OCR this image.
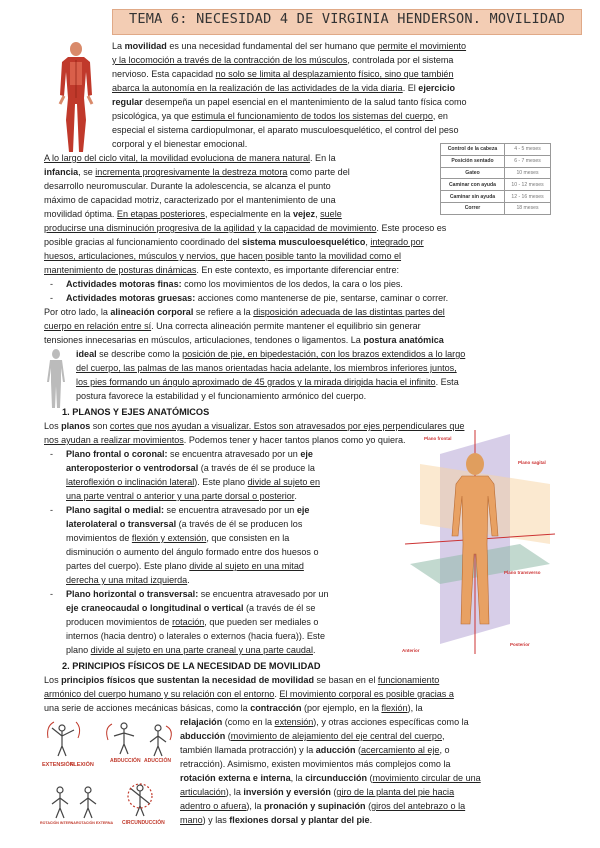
TEMA 6: NECESIDAD 4 DE VIRGINIA HENDERSON. MOVILIDAD
La movilidad es una necesidad fundamental del ser humano que permite el movimiento
y la locomoción a través de la contracción de los músculos, controlada por el sistema
nervioso. Esta capacidad no solo se limita al desplazamiento físico, sino que también
abarca la autonomía en la realización de las actividades de la vida diaria. El ejercicio
regular desempeña un papel esencial en el mantenimiento de la salud tanto física como
psicológica, ya que estimula el funcionamiento de todos los sistemas del cuerpo, en
especial el sistema cardiopulmonar, el aparato musculoesquelético, el control del peso
corporal y el bienestar emocional.
Control de la cabeza	4 - 5 meses
Posición sentado	6 - 7 meses
Gateo	10 meses
Caminar con ayuda	10 - 12 meses
Caminar sin ayuda	12 - 16 meses
Correr	18 meses
A lo largo del ciclo vital, la movilidad evoluciona de manera natural. En la
infancia, se incrementa progresivamente la destreza motora como parte del
desarrollo neuromuscular. Durante la adolescencia, se alcanza el punto
máximo de capacidad motriz, caracterizado por el mantenimiento de una
movilidad óptima. En etapas posteriores, especialmente en la vejez, suele
producirse una disminución progresiva de la agilidad y la capacidad de movimiento. Este proceso es
posible gracias al funcionamiento coordinado del sistema musculoesquelético, integrado por
huesos, articulaciones, músculos y nervios, que hacen posible tanto la movilidad como el
mantenimiento de posturas dinámicas. En este contexto, es importante diferenciar entre:
- Actividades motoras finas: como los movimientos de los dedos, la cara o los pies.
- Actividades motoras gruesas: acciones como mantenerse de pie, sentarse, caminar o correr.
Por otro lado, la alineación corporal se refiere a la disposición adecuada de las distintas partes del
cuerpo en relación entre sí. Una correcta alineación permite mantener el equilibrio sin generar
tensiones innecesarias en músculos, articulaciones, tendones o ligamentos. La postura anatómica
ideal se describe como la posición de pie, en bipedestación, con los brazos extendidos a lo largo
del cuerpo, las palmas de las manos orientadas hacia adelante, los miembros inferiores juntos,
los pies formando un ángulo aproximado de 45 grados y la mirada dirigida hacia el infinito. Esta
postura favorece la estabilidad y el funcionamiento armónico del cuerpo.
1. PLANOS Y EJES ANATÓMICOS
Los planos son cortes que nos ayudan a visualizar. Estos son atravesados por ejes perpendiculares que
nos ayudan a realizar movimientos. Podemos tener y hacer tantos planos como yo quiera.
- Plano frontal o coronal: se encuentra atravesado por un eje
anteroposterior o ventrodorsal (a través de él se produce la
lateroflexión o inclinación lateral). Este plano divide al sujeto en
una parte ventral o anterior y una parte dorsal o posterior.
- Plano sagital o medial: se encuentra atravesado por un eje
laterolateral o transversal (a través de él se producen los
movimientos de flexión y extensión, que consisten en la
disminución o aumento del ángulo formado entre dos huesos o
partes del cuerpo). Este plano divide al sujeto en una mitad
derecha y una mitad izquierda.
- Plano horizontal o transversal: se encuentra atravesado por un
eje craneocaudal o longitudinal o vertical (a través de él se
producen movimientos de rotación, que pueden ser mediales o
internos (hacia dentro) o laterales o externos (hacia fuera)). Este
plano divide al sujeto en una parte craneal y una parte caudal.
Plano frontal
Plano sagital
Plano transverso
Anterior
Posterior
2. PRINCIPIOS FÍSICOS DE LA NECESIDAD DE MOVILIDAD
Los principios físicos que sustentan la necesidad de movilidad se basan en el funcionamiento
armónico del cuerpo humano y su relación con el entorno. El movimiento corporal es posible gracias a
una serie de acciones mecánicas básicas, como la contracción (por ejemplo, en la flexión), la
EXTENSIÓN
FLEXIÓN
ABDUCCIÓN ADUCCIÓN
ROTACIÓN INTERNA ROTACIÓN EXTERNA CIRCUNDUCCIÓN
relajación (como en la extensión), y otras acciones específicas como la
abducción (movimiento de alejamiento del eje central del cuerpo,
también llamada protracción) y la aducción (acercamiento al eje, o
retracción). Asimismo, existen movimientos más complejos como la
rotación externa e interna, la circunducción (movimiento circular de una
articulación), la inversión y eversión (giro de la planta del pie hacia
adentro o afuera), la pronación y supinación (giros del antebrazo o la
mano) y las flexiones dorsal y plantar del pie.
